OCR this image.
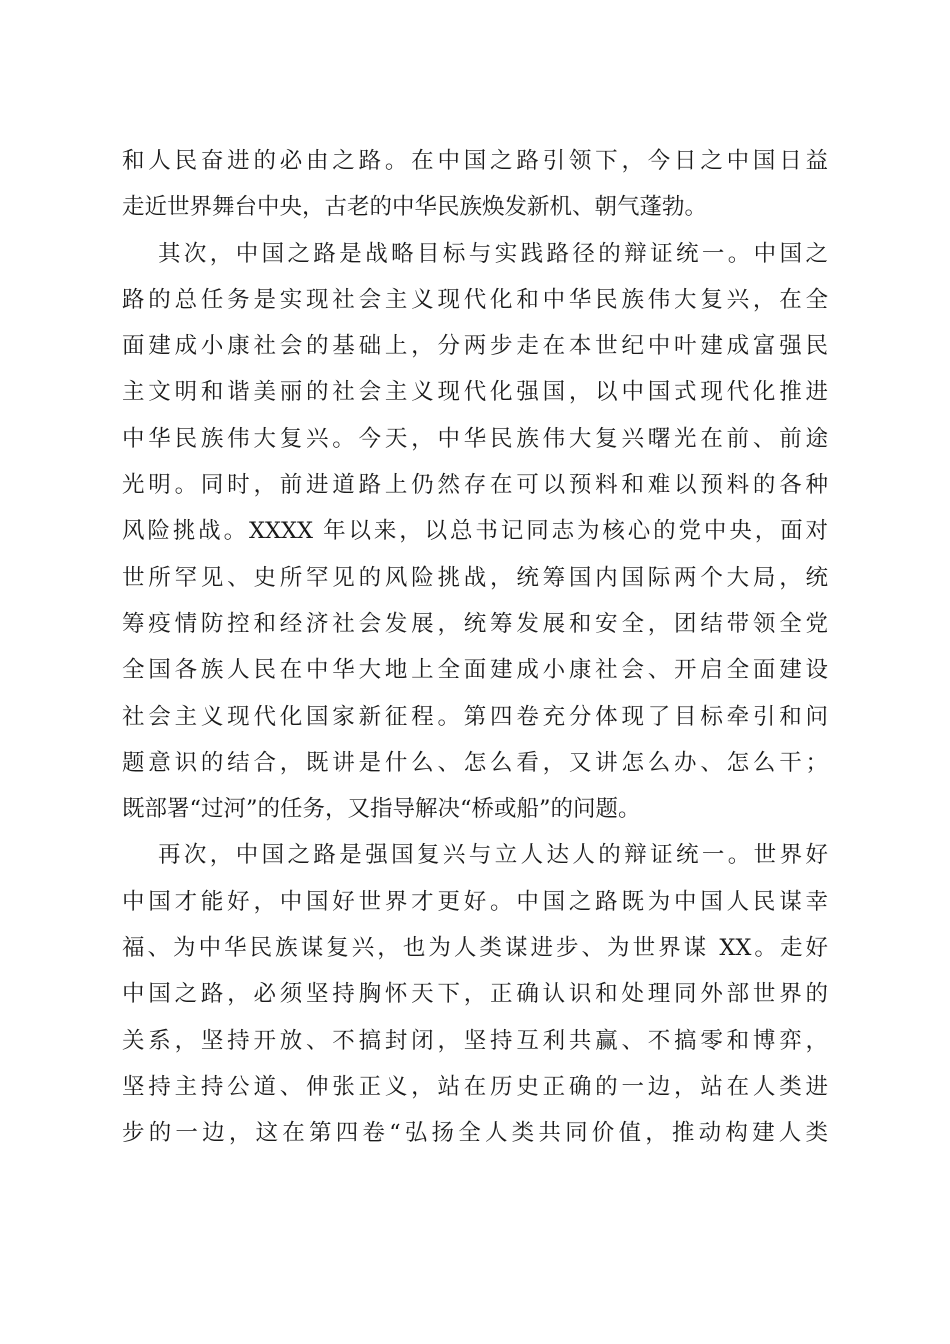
和人民奋进的必由之路。在中国之路引领下，今日之中国日益
走近世界舞台中央，古老的中华民族焕发新机、朝气蓬勃。
其次，中国之路是战略目标与实践路径的辩证统一。中国之
路的总任务是实现社会主义现代化和中华民族伟大复兴，在全
面建成小康社会的基础上，分两步走在本世纪中叶建成富强民
主文明和谐美丽的社会主义现代化强国，以中国式现代化推进
中华民族伟大复兴。今天，中华民族伟大复兴曙光在前、前途
光明。同时，前进道路上仍然存在可以预料和难以预料的各种
风险挑战。XXXX 年以来，以总书记同志为核心的党中央，面对
世所罕见、史所罕见的风险挑战，统筹国内国际两个大局，统
筹疫情防控和经济社会发展，统筹发展和安全，团结带领全党
全国各族人民在中华大地上全面建成小康社会、开启全面建设
社会主义现代化国家新征程。第四卷充分体现了目标牵引和问
题意识的结合，既讲是什么、怎么看，又讲怎么办、怎么干；
既部署“过河”的任务，又指导解决“桥或船”的问题。
再次，中国之路是强国复兴与立人达人的辩证统一。世界好
中国才能好，中国好世界才更好。中国之路既为中国人民谋幸
福、为中华民族谋复兴，也为人类谋进步、为世界谋 XX。走好
中国之路，必须坚持胸怀天下，正确认识和处理同外部世界的
关系，坚持开放、不搞封闭，坚持互利共赢、不搞零和博弈，
坚持主持公道、伸张正义，站在历史正确的一边，站在人类进
步的一边，这在第四卷“弘扬全人类共同价值，推动构建人类
